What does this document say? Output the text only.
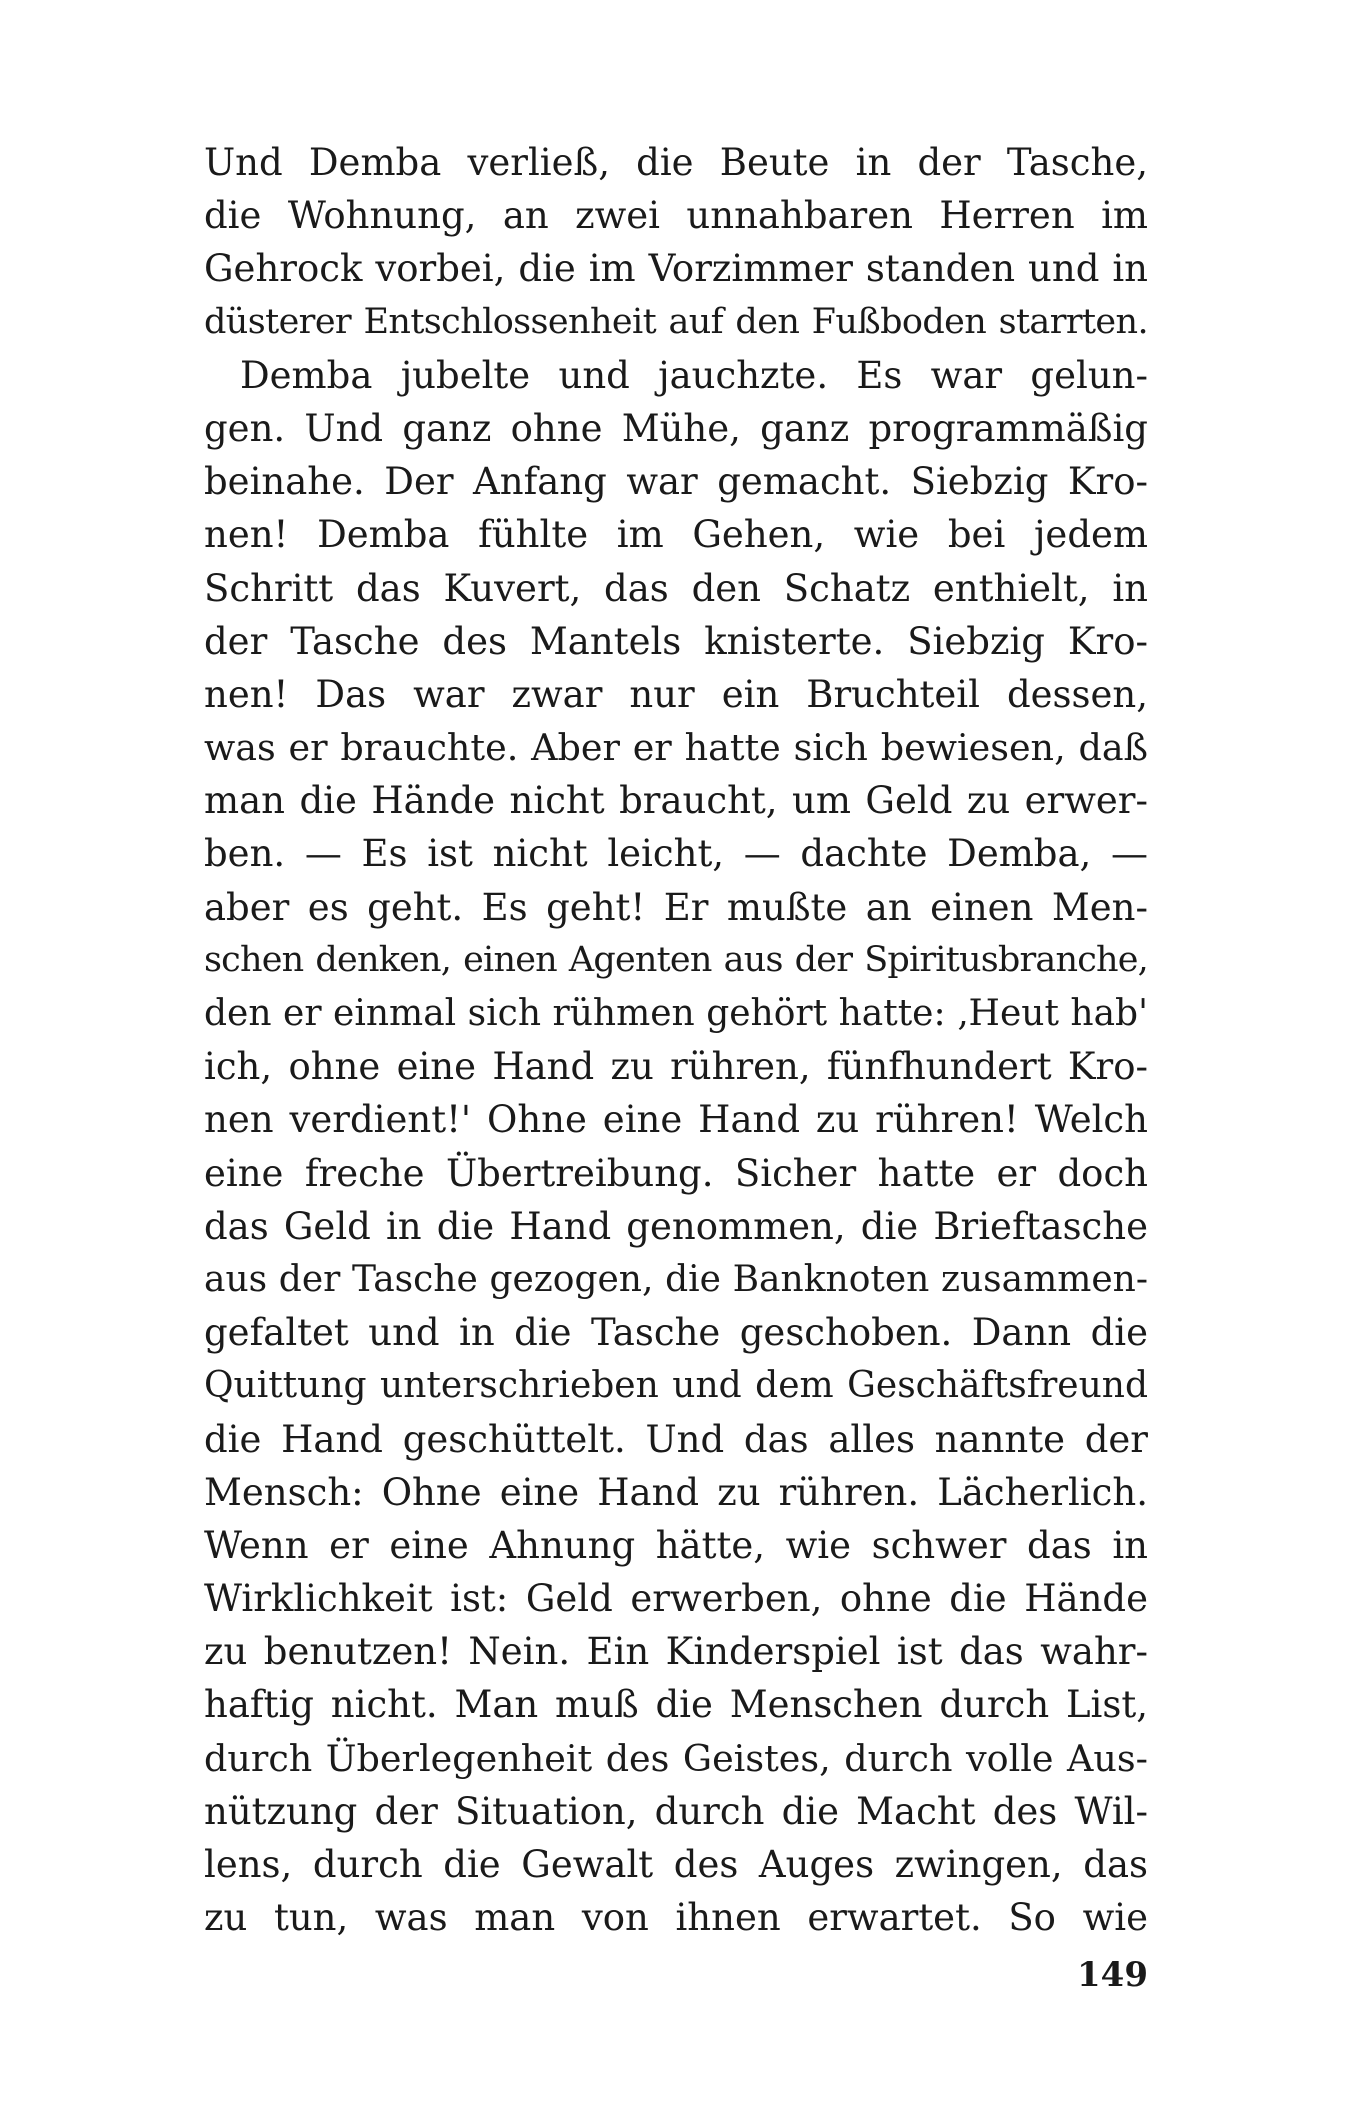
Und Demba verließ, die Beute in der Tasche,
die Wohnung, an zwei unnahbaren Herren im
Gehrock vorbei, die im Vorzimmer standen und in
düsterer Entschlossenheit auf den Fußboden starrten.
Demba jubelte und jauchzte. Es war gelun-
gen. Und ganz ohne Mühe, ganz programmäßig
beinahe. Der Anfang war gemacht. Siebzig Kro-
nen! Demba fühlte im Gehen, wie bei jedem
Schritt das Kuvert, das den Schatz enthielt, in
der Tasche des Mantels knisterte. Siebzig Kro-
nen! Das war zwar nur ein Bruchteil dessen,
was er brauchte. Aber er hatte sich bewiesen, daß
man die Hände nicht braucht, um Geld zu erwer-
ben. — Es ist nicht leicht, — dachte Demba, —
aber es geht. Es geht! Er mußte an einen Men-
schen denken, einen Agenten aus der Spiritusbranche,
den er einmal sich rühmen gehört hatte: ‚Heut hab'
ich, ohne eine Hand zu rühren, fünfhundert Kro-
nen verdient!' Ohne eine Hand zu rühren! Welch
eine freche Übertreibung. Sicher hatte er doch
das Geld in die Hand genommen, die Brieftasche
aus der Tasche gezogen, die Banknoten zusammen-
gefaltet und in die Tasche geschoben. Dann die
Quittung unterschrieben und dem Geschäftsfreund
die Hand geschüttelt. Und das alles nannte der
Mensch: Ohne eine Hand zu rühren. Lächerlich.
Wenn er eine Ahnung hätte, wie schwer das in
Wirklichkeit ist: Geld erwerben, ohne die Hände
zu benutzen! Nein. Ein Kinderspiel ist das wahr-
haftig nicht. Man muß die Menschen durch List,
durch Überlegenheit des Geistes, durch volle Aus-
nützung der Situation, durch die Macht des Wil-
lens, durch die Gewalt des Auges zwingen, das
zu tun, was man von ihnen erwartet. So wie
149
